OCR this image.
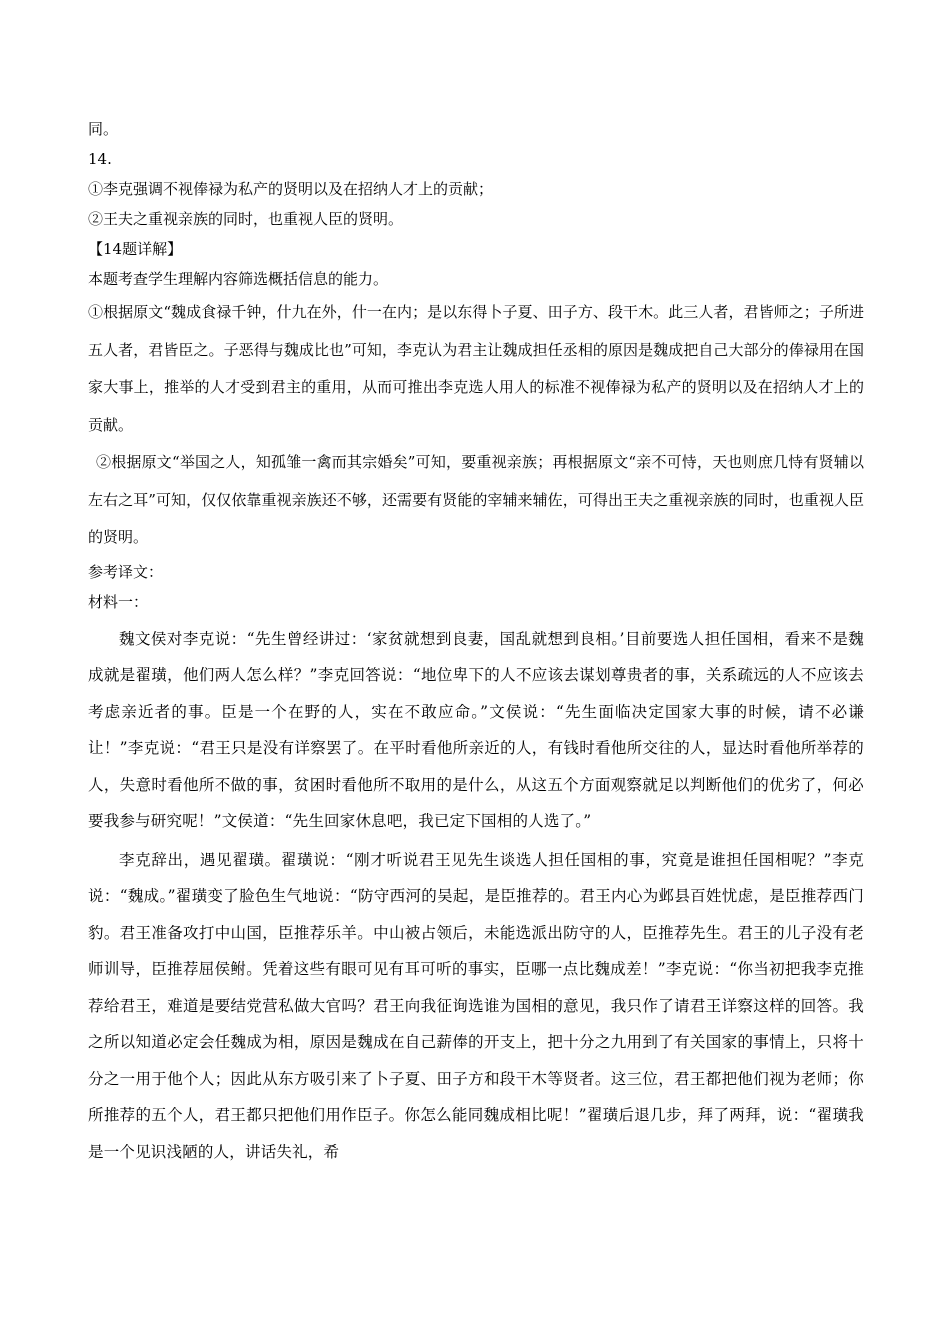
同。

14.

①李克强调不视俸禄为私产的贤明以及在招纳人才上的贡献；

②王夫之重视亲族的同时，也重视人臣的贤明。

【14题详解】

本题考查学生理解内容筛选概括信息的能力。

①根据原文“魏成食禄千钟，什九在外，什一在内；是以东得卜子夏、田子方、段干木。此三人者，君皆师之；子所进五人者，君皆臣之。子恶得与魏成比也”可知，李克认为君主让魏成担任丞相的原因是魏成把自己大部分的俸禄用在国家大事上，推举的人才受到君主的重用，从而可推出李克选人用人的标准不视俸禄为私产的贤明以及在招纳人才上的贡献。

②根据原文“举国之人，知孤雏一禽而其宗婚矣”可知，要重视亲族；再根据原文“亲不可恃，天也则庶几恃有贤辅以左右之耳”可知，仅仅依靠重视亲族还不够，还需要有贤能的宰辅来辅佐，可得出王夫之重视亲族的同时，也重视人臣的贤明。

参考译文：

材料一：

魏文侯对李克说：“先生曾经讲过：‘家贫就想到良妻，国乱就想到良相。’目前要选人担任国相，看来不是魏成就是翟璜，他们两人怎么样？”李克回答说：“地位卑下的人不应该去谋划尊贵者的事，关系疏远的人不应该去考虑亲近者的事。臣是一个在野的人，实在不敢应命。”文侯说：“先生面临决定国家大事的时候，请不必谦让！”李克说：“君王只是没有详察罢了。在平时看他所亲近的人，有钱时看他所交往的人，显达时看他所举荐的人，失意时看他所不做的事，贫困时看他所不取用的是什么，从这五个方面观察就足以判断他们的优劣了，何必要我参与研究呢！”文侯道：“先生回家休息吧，我已定下国相的人选了。”

李克辞出，遇见翟璜。翟璜说：“刚才听说君王见先生谈选人担任国相的事，究竟是谁担任国相呢？”李克说：“魏成。”翟璜变了脸色生气地说：“防守西河的吴起，是臣推荐的。君王内心为邺县百姓忧虑，是臣推荐西门豹。君王准备攻打中山国，臣推荐乐羊。中山被占领后，未能选派出防守的人，臣推荐先生。君王的儿子没有老师训导，臣推荐屈侯鲋。凭着这些有眼可见有耳可听的事实，臣哪一点比魏成差！”李克说：“你当初把我李克推荐给君王，难道是要结党营私做大官吗？君王向我征询选谁为国相的意见，我只作了请君王详察这样的回答。我之所以知道必定会任魏成为相，原因是魏成在自己薪俸的开支上，把十分之九用到了有关国家的事情上，只将十分之一用于他个人；因此从东方吸引来了卜子夏、田子方和段干木等贤者。这三位，君王都把他们视为老师；你所推荐的五个人，君王都只把他们用作臣子。你怎么能同魏成相比呢！”翟璜后退几步，拜了两拜，说：“翟璜我是一个见识浅陋的人，讲话失礼，希
